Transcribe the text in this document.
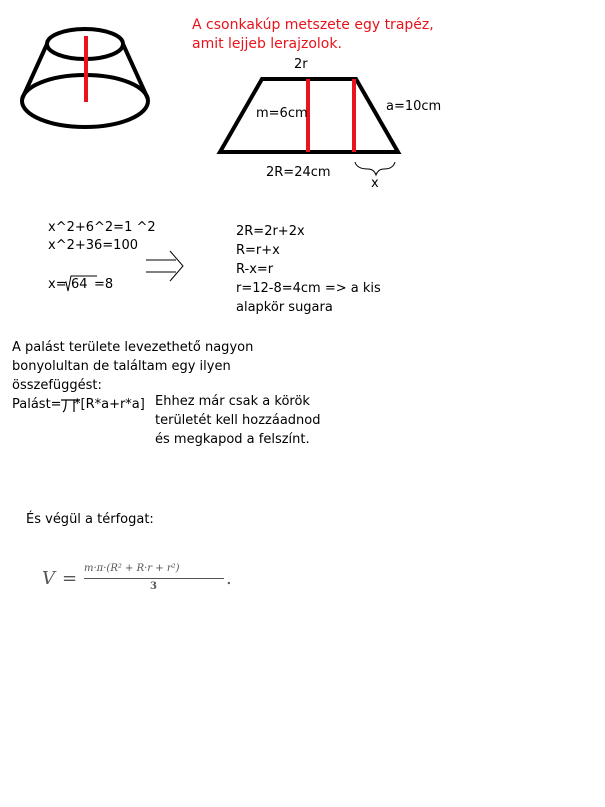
A csonkakúp metszete egy trapéz,

amit lejjeb lerajzolok.

2r

m=6cm	a=10cm

2R=24cm

x

x^2+6^2=1 ^2

x^2+36=100

x= 64 =8

2R=2r+2x

R=r+x

R-x=r

r=12-8=4cm => a kis

alapkör sugara

A palást területe levezethető nagyon

bonyolultan de találtam egy ilyen

összefüggést:

Palást= *[R*a+r*a] Ehhez már csak a körök

területét kell hozzáadnod

és megkapod a felszínt.

És végül a térfogat:

V = m·π·(R² + R·r + r²)
3	.
